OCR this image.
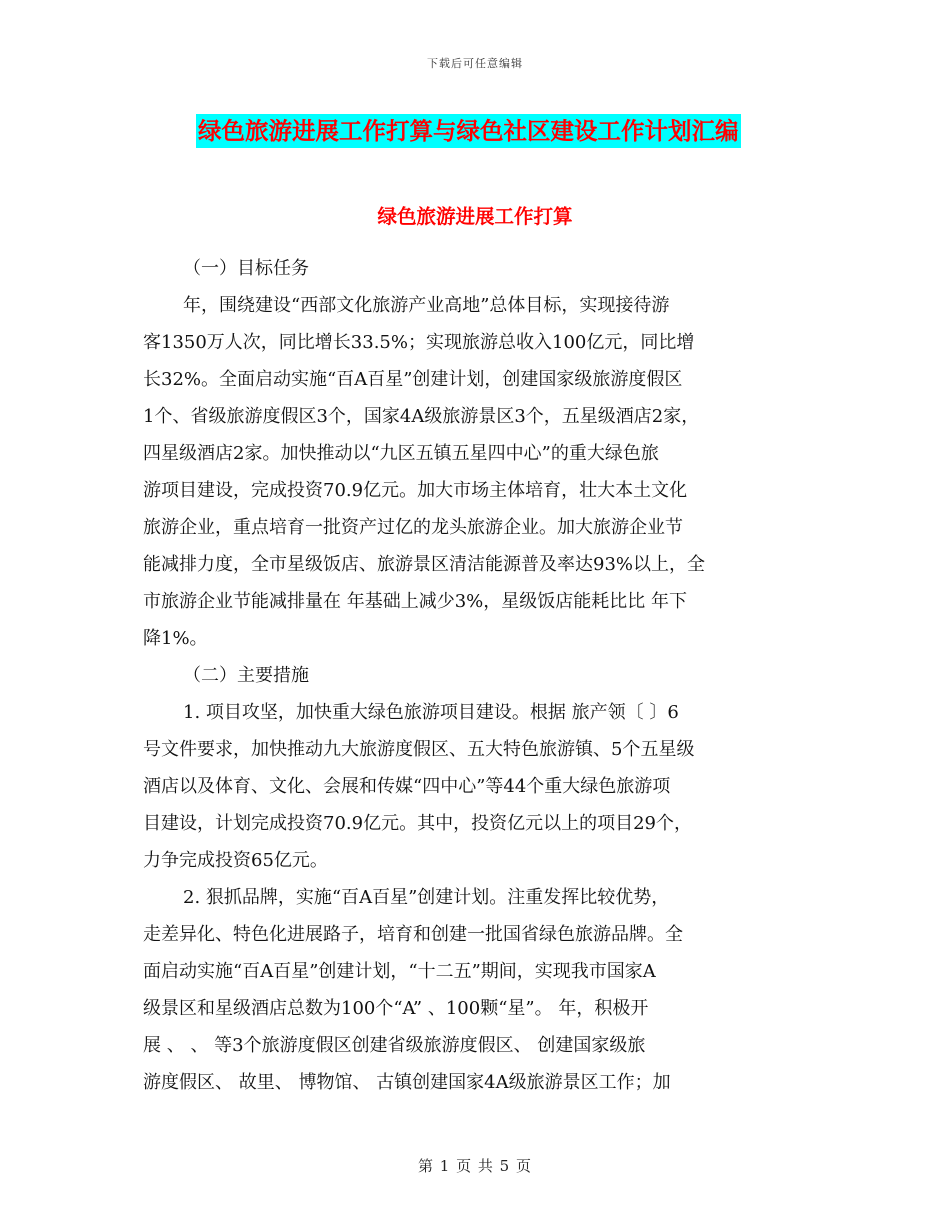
下载后可任意编辑
绿色旅游进展工作打算与绿色社区建设工作计划汇编
绿色旅游进展工作打算
（一）目标任务
年，围绕建设“西部文化旅游产业高地”总体目标，实现接待游
客1350万人次，同比增长33.5%；实现旅游总收入100亿元，同比增
长32%。全面启动实施“百A百星”创建计划，创建国家级旅游度假区
1个、省级旅游度假区3个，国家4A级旅游景区3个，五星级酒店2家，
四星级酒店2家。加快推动以“九区五镇五星四中心”的重大绿色旅
游项目建设，完成投资70.9亿元。加大市场主体培育，壮大本土文化
旅游企业，重点培育一批资产过亿的龙头旅游企业。加大旅游企业节
能减排力度，全市星级饭店、旅游景区清洁能源普及率达93%以上，全
市旅游企业节能减排量在 年基础上减少3%，星级饭店能耗比比 年下
降1%。
（二）主要措施
1. 项目攻坚，加快重大绿色旅游项目建设。根据 旅产领〔 〕6
号文件要求，加快推动九大旅游度假区、五大特色旅游镇、5个五星级
酒店以及体育、文化、会展和传媒“四中心”等44个重大绿色旅游项
目建设，计划完成投资70.9亿元。其中，投资亿元以上的项目29个，
力争完成投资65亿元。
2. 狠抓品牌，实施“百A百星”创建计划。注重发挥比较优势，
走差异化、特色化进展路子，培育和创建一批国省绿色旅游品牌。全
面启动实施“百A百星”创建计划，“十二五”期间，实现我市国家A
级景区和星级酒店总数为100个“A” 、100颗“星”。 年，积极开
展 、 、 等3个旅游度假区创建省级旅游度假区、 创建国家级旅
游度假区、 故里、 博物馆、 古镇创建国家4A级旅游景区工作；加
第 1 页 共 5 页
